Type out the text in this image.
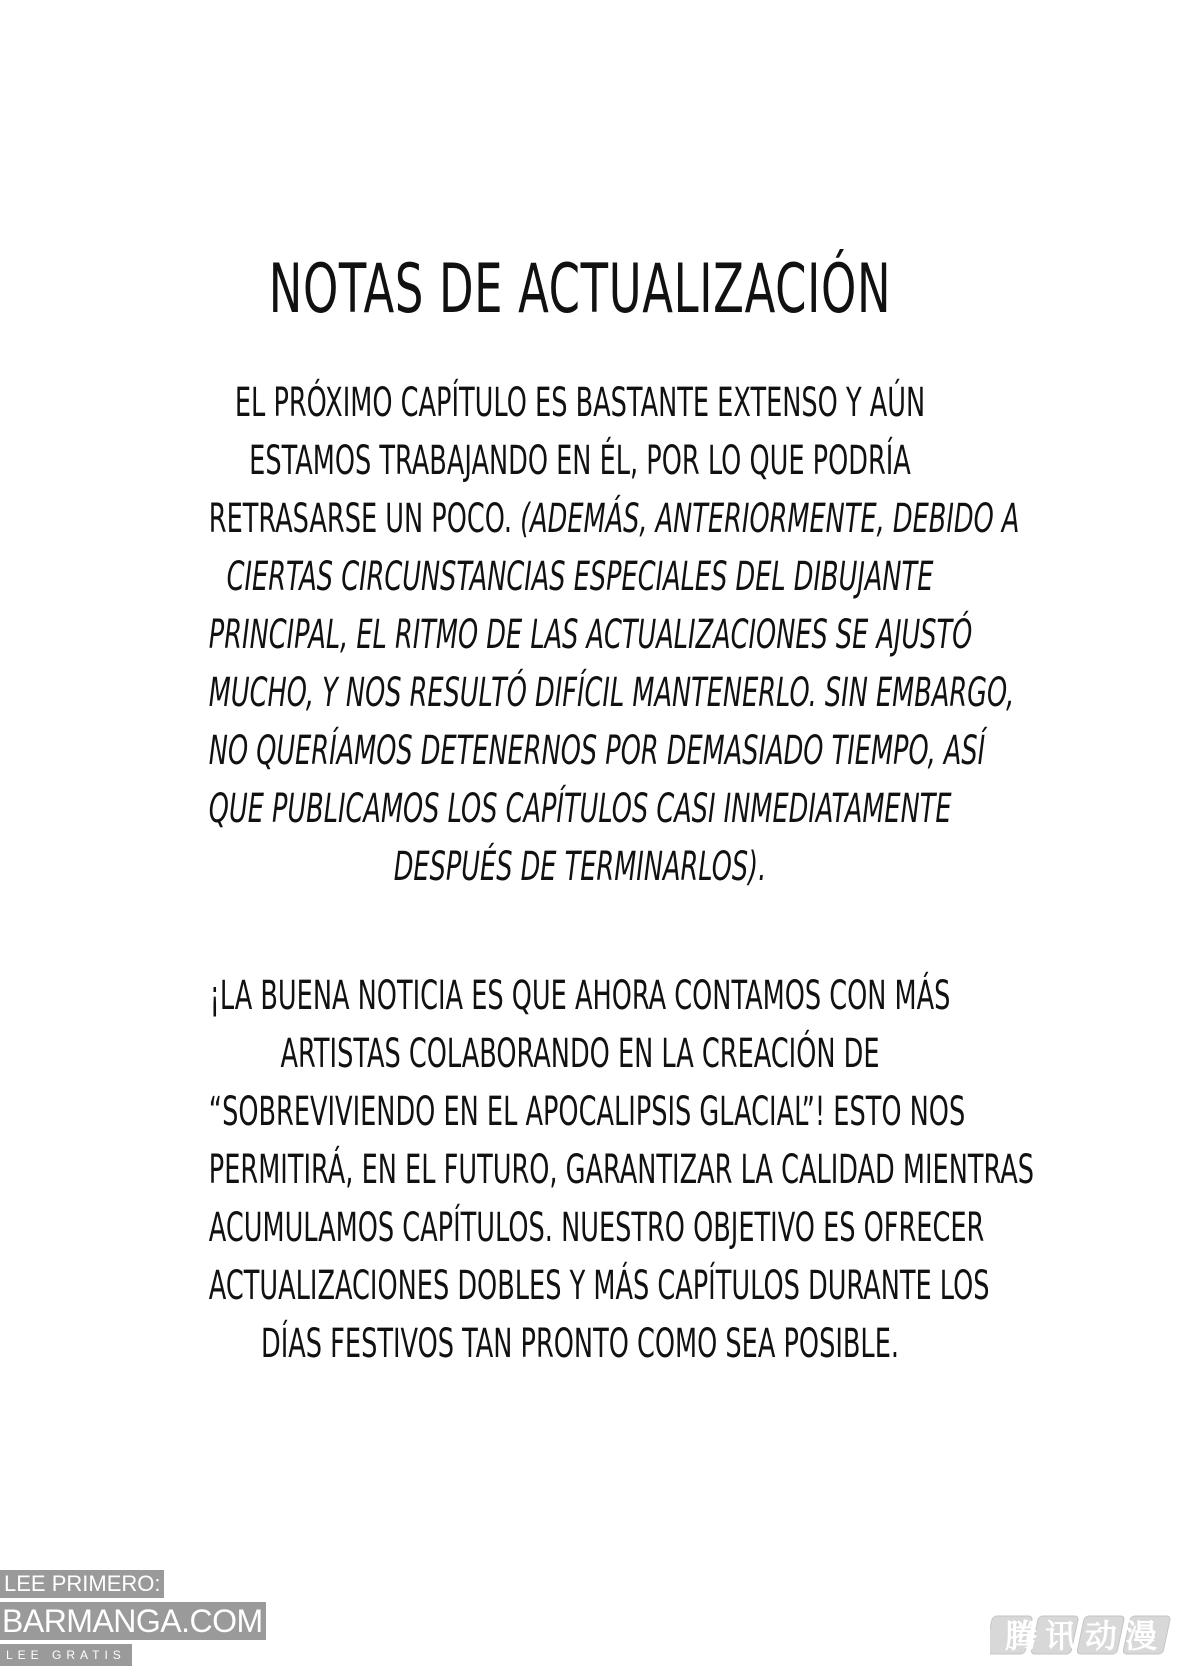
NOTAS DE ACTUALIZACIÓN
EL PRÓXIMO CAPÍTULO ES BASTANTE EXTENSO Y AÚN
ESTAMOS TRABAJANDO EN ÉL, POR LO QUE PODRÍA
RETRASARSE UN POCO. (ADEMÁS, ANTERIORMENTE, DEBIDO A
CIERTAS CIRCUNSTANCIAS ESPECIALES DEL DIBUJANTE
PRINCIPAL, EL RITMO DE LAS ACTUALIZACIONES SE AJUSTÓ
MUCHO, Y NOS RESULTÓ DIFÍCIL MANTENERLO. SIN EMBARGO,
NO QUERÍAMOS DETENERNOS POR DEMASIADO TIEMPO, ASÍ
QUE PUBLICAMOS LOS CAPÍTULOS CASI INMEDIATAMENTE
DESPUÉS DE TERMINARLOS).
¡LA BUENA NOTICIA ES QUE AHORA CONTAMOS CON MÁS
ARTISTAS COLABORANDO EN LA CREACIÓN DE
“SOBREVIVIENDO EN EL APOCALIPSIS GLACIAL”! ESTO NOS
PERMITIRÁ, EN EL FUTURO, GARANTIZAR LA CALIDAD MIENTRAS
ACUMULAMOS CAPÍTULOS. NUESTRO OBJETIVO ES OFRECER
ACTUALIZACIONES DOBLES Y MÁS CAPÍTULOS DURANTE LOS
DÍAS FESTIVOS TAN PRONTO COMO SEA POSIBLE.
LEE PRIMERO:
BARMANGA.COM
LEE GRATIS	腾讯动漫
